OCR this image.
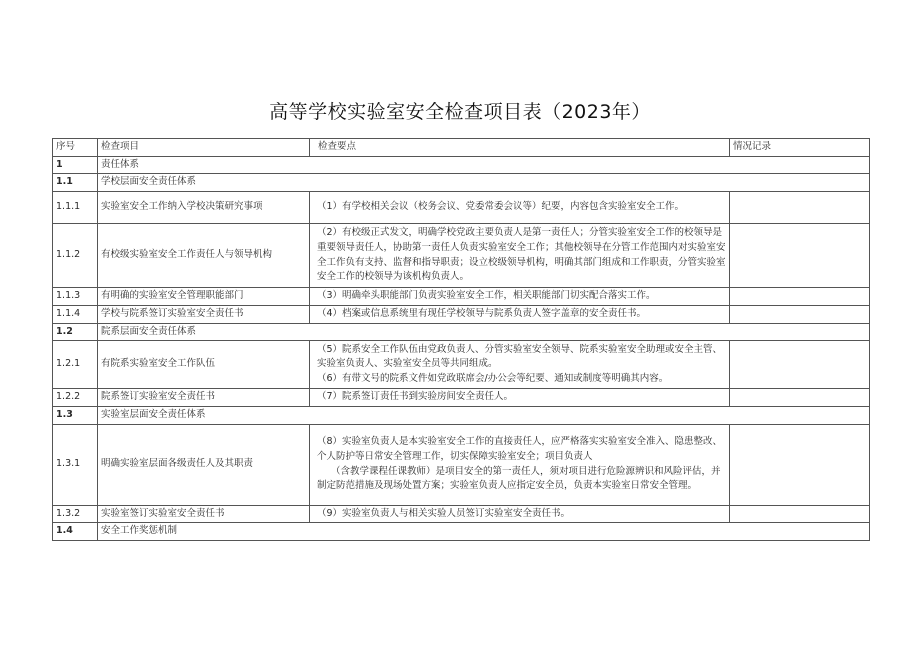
高等学校实验室安全检查项目表（2023年）
序号	检查项目	检查要点	情况记录
1	责任体系		
1.1	学校层面安全责任体系		
1.1.1	实验室安全工作纳入学校决策研究事项	（1）有学校相关会议（校务会议、党委常委会议等）纪要，内容包含实验室安全工作。	

1.1.2	有校级实验室安全工作责任人与领导机构	（2）有校级正式发文，明确学校党政主要负责人是第一责任人；分管实验室安全工作的校领导是重要领导责任人，协助第一责任人负责实验室安全工作；其他校领导在分管工作范围内对实验室安全工作负有支持、监督和指导职责；设立校级领导机构，明确其部门组成和工作职责，分管实验室安全工作的校领导为该机构负责人。	

1.1.3	有明确的实验室安全管理职能部门	（3）明确牵头职能部门负责实验室安全工作，相关职能部门切实配合落实工作。	

1.1.4	学校与院系签订实验室安全责任书	（4）档案或信息系统里有现任学校领导与院系负责人签字盖章的安全责任书。	

1.2	院系层面安全责任体系		
1.2.1	有院系实验室安全工作队伍	（5）院系安全工作队伍由党政负责人、分管实验室安全领导、院系实验室安全助理或安全主管、实验室负责人、实验室安全员等共同组成。
（6）有带文号的院系文件如党政联席会/办公会等纪要、通知或制度等明确其内容。	

1.2.2	院系签订实验室安全责任书	（7）院系签订责任书到实验房间安全责任人。	

1.3	实验室层面安全责任体系		
1.3.1	明确实验室层面各级责任人及其职责	（8）实验室负责人是本实验室安全工作的直接责任人，应严格落实实验室安全准入、隐患整改、个人防护等日常安全管理工作，切实保障实验室安全；项目负责人
（含教学课程任课教师）是项目安全的第一责任人，须对项目进行危险源辨识和风险评估，并制定防范措施及现场处置方案；实验室负责人应指定安全员，负责本实验室日常安全管理。	

1.3.2	实验室签订实验室安全责任书	（9）实验室负责人与相关实验人员签订实验室安全责任书。	

1.4	安全工作奖惩机制		
